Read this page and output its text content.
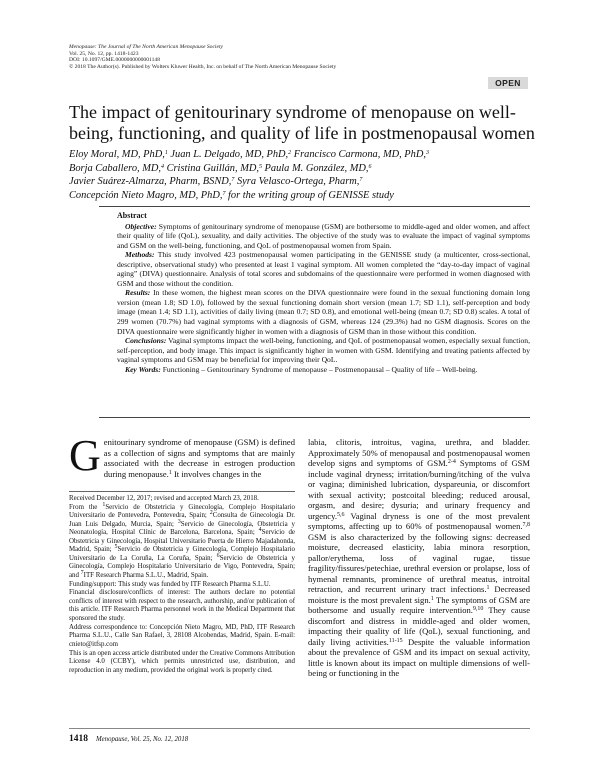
Menopause: The Journal of The North American Menopause Society
Vol. 25, No. 12, pp. 1418-1423
DOI: 10.1097/GME.0000000000001148
© 2018 The Author(s). Published by Wolters Kluwer Health, Inc. on behalf of The North American Menopause Society
OPEN
The impact of genitourinary syndrome of menopause on well-being, functioning, and quality of life in postmenopausal women
Eloy Moral, MD, PhD,$^1$ Juan L. Delgado, MD, PhD,$^2$ Francisco Carmona, MD, PhD,$^3$
Borja Caballero, MD,$^4$ Cristina Guillán, MD,$^5$ Paula M. González, MD,$^6$
Javier Suárez-Almarza, Pharm, BSND,$^7$ Syra Velasco-Ortega, Pharm,$^7$
Concepción Nieto Magro, MD, PhD,$^7$ for the writing group of GENISSE study

Abstract

Objective: Symptoms of genitourinary syndrome of menopause (GSM) are bothersome to middle-aged and older women, and affect their quality of life (QoL), sexuality, and daily activities. The objective of the study was to evaluate the impact of vaginal symptoms and GSM on the well-being, functioning, and QoL of postmenopausal women from Spain.

Methods: This study involved 423 postmenopausal women participating in the GENISSE study (a multicenter, cross-sectional, descriptive, observational study) who presented at least 1 vaginal symptom. All women completed the “day-to-day impact of vaginal aging” (DIVA) questionnaire. Analysis of total scores and subdomains of the questionnaire were performed in women diagnosed with GSM and those without the condition.

Results: In these women, the highest mean scores on the DIVA questionnaire were found in the sexual functioning domain long version (mean 1.8; SD 1.0), followed by the sexual functioning domain short version (mean 1.7; SD 1.1), self-perception and body image (mean 1.4; SD 1.1), activities of daily living (mean 0.7; SD 0.8), and emotional well-being (mean 0.7; SD 0.8) scales. A total of 299 women (70.7%) had vaginal symptoms with a diagnosis of GSM, whereas 124 (29.3%) had no GSM diagnosis. Scores on the DIVA questionnaire were significantly higher in women with a diagnosis of GSM than in those without this condition.

Conclusions: Vaginal symptoms impact the well-being, functioning, and QoL of postmenopausal women, especially sexual function, self-perception, and body image. This impact is significantly higher in women with GSM. Identifying and treating patients affected by vaginal symptoms and GSM may be beneficial for improving their QoL.

Key Words: Functioning – Genitourinary Syndrome of menopause – Postmenopausal – Quality of life – Well-being.

Genitourinary syndrome of menopause (GSM) is defined as a collection of signs and symptoms that are mainly associated with the decrease in estrogen production during menopause.$^1$ It involves changes in the

Received December 12, 2017; revised and accepted March 23, 2018.

From the $^1$Servicio de Obstetricia y Ginecología, Complejo Hospitalario Universitario de Pontevedra, Pontevedra, Spain; $^2$Consulta de Ginecología Dr. Juan Luis Delgado, Murcia, Spain; $^3$Servicio de Ginecología, Obstetricia y Neonatología, Hospital Clínic de Barcelona, Barcelona, Spain; $^4$Servicio de Obstetricia y Ginecología, Hospital Universitario Puerta de Hierro Majadahonda, Madrid, Spain; $^5$Servicio de Obstetricia y Ginecología, Complejo Hospitalario Universitario de La Coruña, La Coruña, Spain; $^6$Servicio de Obstetricia y Ginecología, Complejo Hospitalario Universitario de Vigo, Pontevedra, Spain; and $^7$ITF Research Pharma S.L.U., Madrid, Spain.

Funding/support: This study was funded by ITF Research Pharma S.L.U.

Financial disclosure/conflicts of interest: The authors declare no potential conflicts of interest with respect to the research, authorship, and/or publication of this article. ITF Research Pharma personnel work in the Medical Department that sponsored the study.

Address correspondence to: Concepción Nieto Magro, MD, PhD, ITF Research Pharma S.L.U., Calle San Rafael, 3, 28108 Alcobendas, Madrid, Spain. E-mail: cnieto@itfsp.com

This is an open access article distributed under the Creative Commons Attribution License 4.0 (CCBY), which permits unrestricted use, distribution, and reproduction in any medium, provided the original work is properly cited.

labia, clitoris, introitus, vagina, urethra, and bladder. Approximately 50% of menopausal and postmenopausal women develop signs and symptoms of GSM.$^{2-4}$ Symptoms of GSM include vaginal dryness; irritation/burning/itching of the vulva or vagina; diminished lubrication, dyspareunia, or discomfort with sexual activity; postcoital bleeding; reduced arousal, orgasm, and desire; dysuria; and urinary frequency and urgency.$^{5,6}$ Vaginal dryness is one of the most prevalent symptoms, affecting up to 60% of postmenopausal women.$^{7,8}$ GSM is also characterized by the following signs: decreased moisture, decreased elasticity, labia minora resorption, pallor/erythema, loss of vaginal rugae, tissue fragility/fissures/petechiae, urethral eversion or prolapse, loss of hymenal remnants, prominence of urethral meatus, introital retraction, and recurrent urinary tract infections.$^1$ Decreased moisture is the most prevalent sign.$^1$ The symptoms of GSM are bothersome and usually require intervention.$^{9,10}$ They cause discomfort and distress in middle-aged and older women, impacting their quality of life (QoL), sexual functioning, and daily living activities.$^{11-15}$ Despite the valuable information about the prevalence of GSM and its impact on sexual activity, little is known about its impact on multiple dimensions of well-being or functioning in the
1418 Menopause, Vol. 25, No. 12, 2018
